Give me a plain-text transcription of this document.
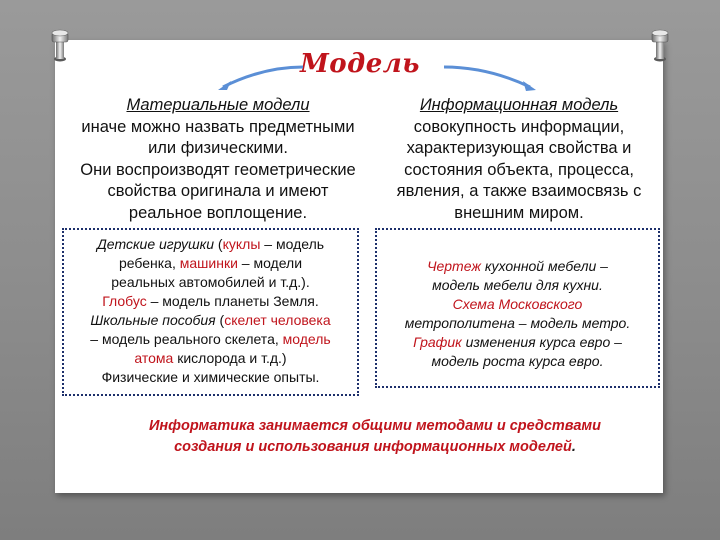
Модель
Материальные модели
иначе можно назвать предметными
или физическими.
Они воспроизводят геометрические
свойства оригинала и имеют
реальное воплощение.
Информационная модель
совокупность информации,
характеризующая свойства и
состояния объекта, процесса,
явления, а также взаимосвязь с
внешним миром.
Детские игрушки (куклы – модель
ребенка, машинки – модели
реальных автомобилей и т.д.).
Глобус – модель планеты Земля.
Школьные пособия (скелет человека
– модель реального скелета, модель
атома кислорода и т.д.)
Физические и химические опыты.
Чертеж кухонной мебели –
модель мебели для кухни.
Схема Московского
метрополитена – модель метро.
График изменения курса евро –
модель роста курса евро.
Информатика занимается общими методами и средствами
создания и использования информационных моделей.
